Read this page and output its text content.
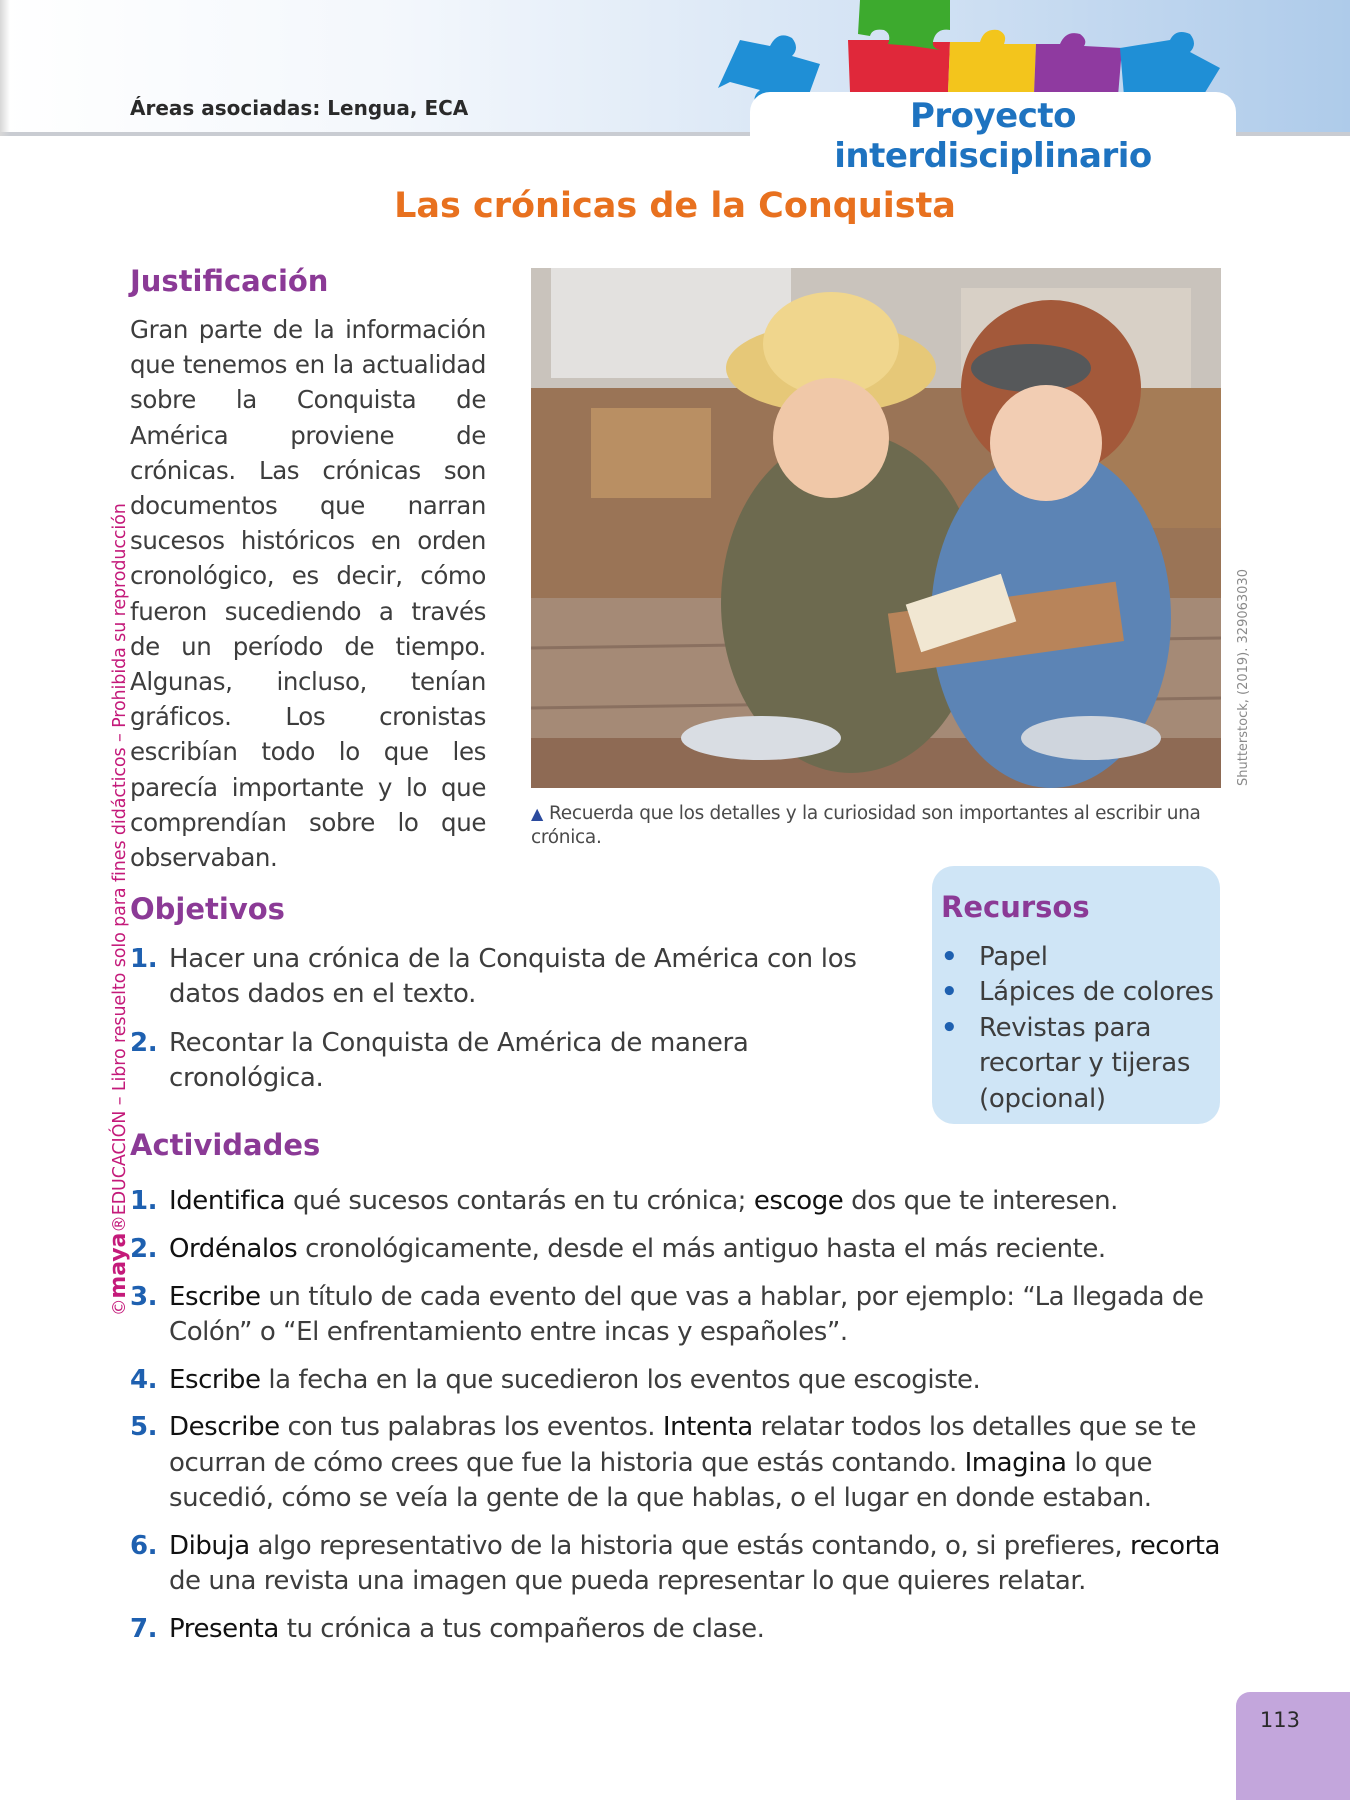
Áreas asociadas: Lengua, ECA	Proyecto interdisciplinario
Las crónicas de la Conquista
Justificación
Gran parte de la información que tenemos en la actualidad sobre la Conquista de América proviene de crónicas. Las crónicas son documentos que narran sucesos históricos en orden cronológico, es decir, cómo fueron sucediendo a través de un período de tiempo. Algunas, incluso, tenían gráficos. Los cronistas escribían todo lo que les parecía importante y lo que comprendían sobre lo que observaban.
Shutterstock, (2019). 329063030
▲ Recuerda que los detalles y la curiosidad son importantes al escribir una crónica.
Objetivos
1. Hacer una crónica de la Conquista de América con los datos dados en el texto.
2. Recontar la Conquista de América de manera cronológica.
Recursos
• Papel
• Lápices de colores
• Revistas para recortar y tijeras (opcional)
Actividades
1. Identifica qué sucesos contarás en tu crónica; escoge dos que te interesen.
2. Ordénalos cronológicamente, desde el más antiguo hasta el más reciente.
3. Escribe un título de cada evento del que vas a hablar, por ejemplo: “La llegada de Colón” o “El enfrentamiento entre incas y españoles”.
4. Escribe la fecha en la que sucedieron los eventos que escogiste.
5. Describe con tus palabras los eventos. Intenta relatar todos los detalles que se te ocurran de cómo crees que fue la historia que estás contando. Imagina lo que sucedió, cómo se veía la gente de la que hablas, o el lugar en donde estaban.
6. Dibuja algo representativo de la historia que estás contando, o, si prefieres, recorta de una revista una imagen que pueda representar lo que quieres relatar.
7. Presenta tu crónica a tus compañeros de clase.
©maya®EDUCACIÓN – Libro resuelto solo para fines didácticos – Prohibida su reproducción
113
